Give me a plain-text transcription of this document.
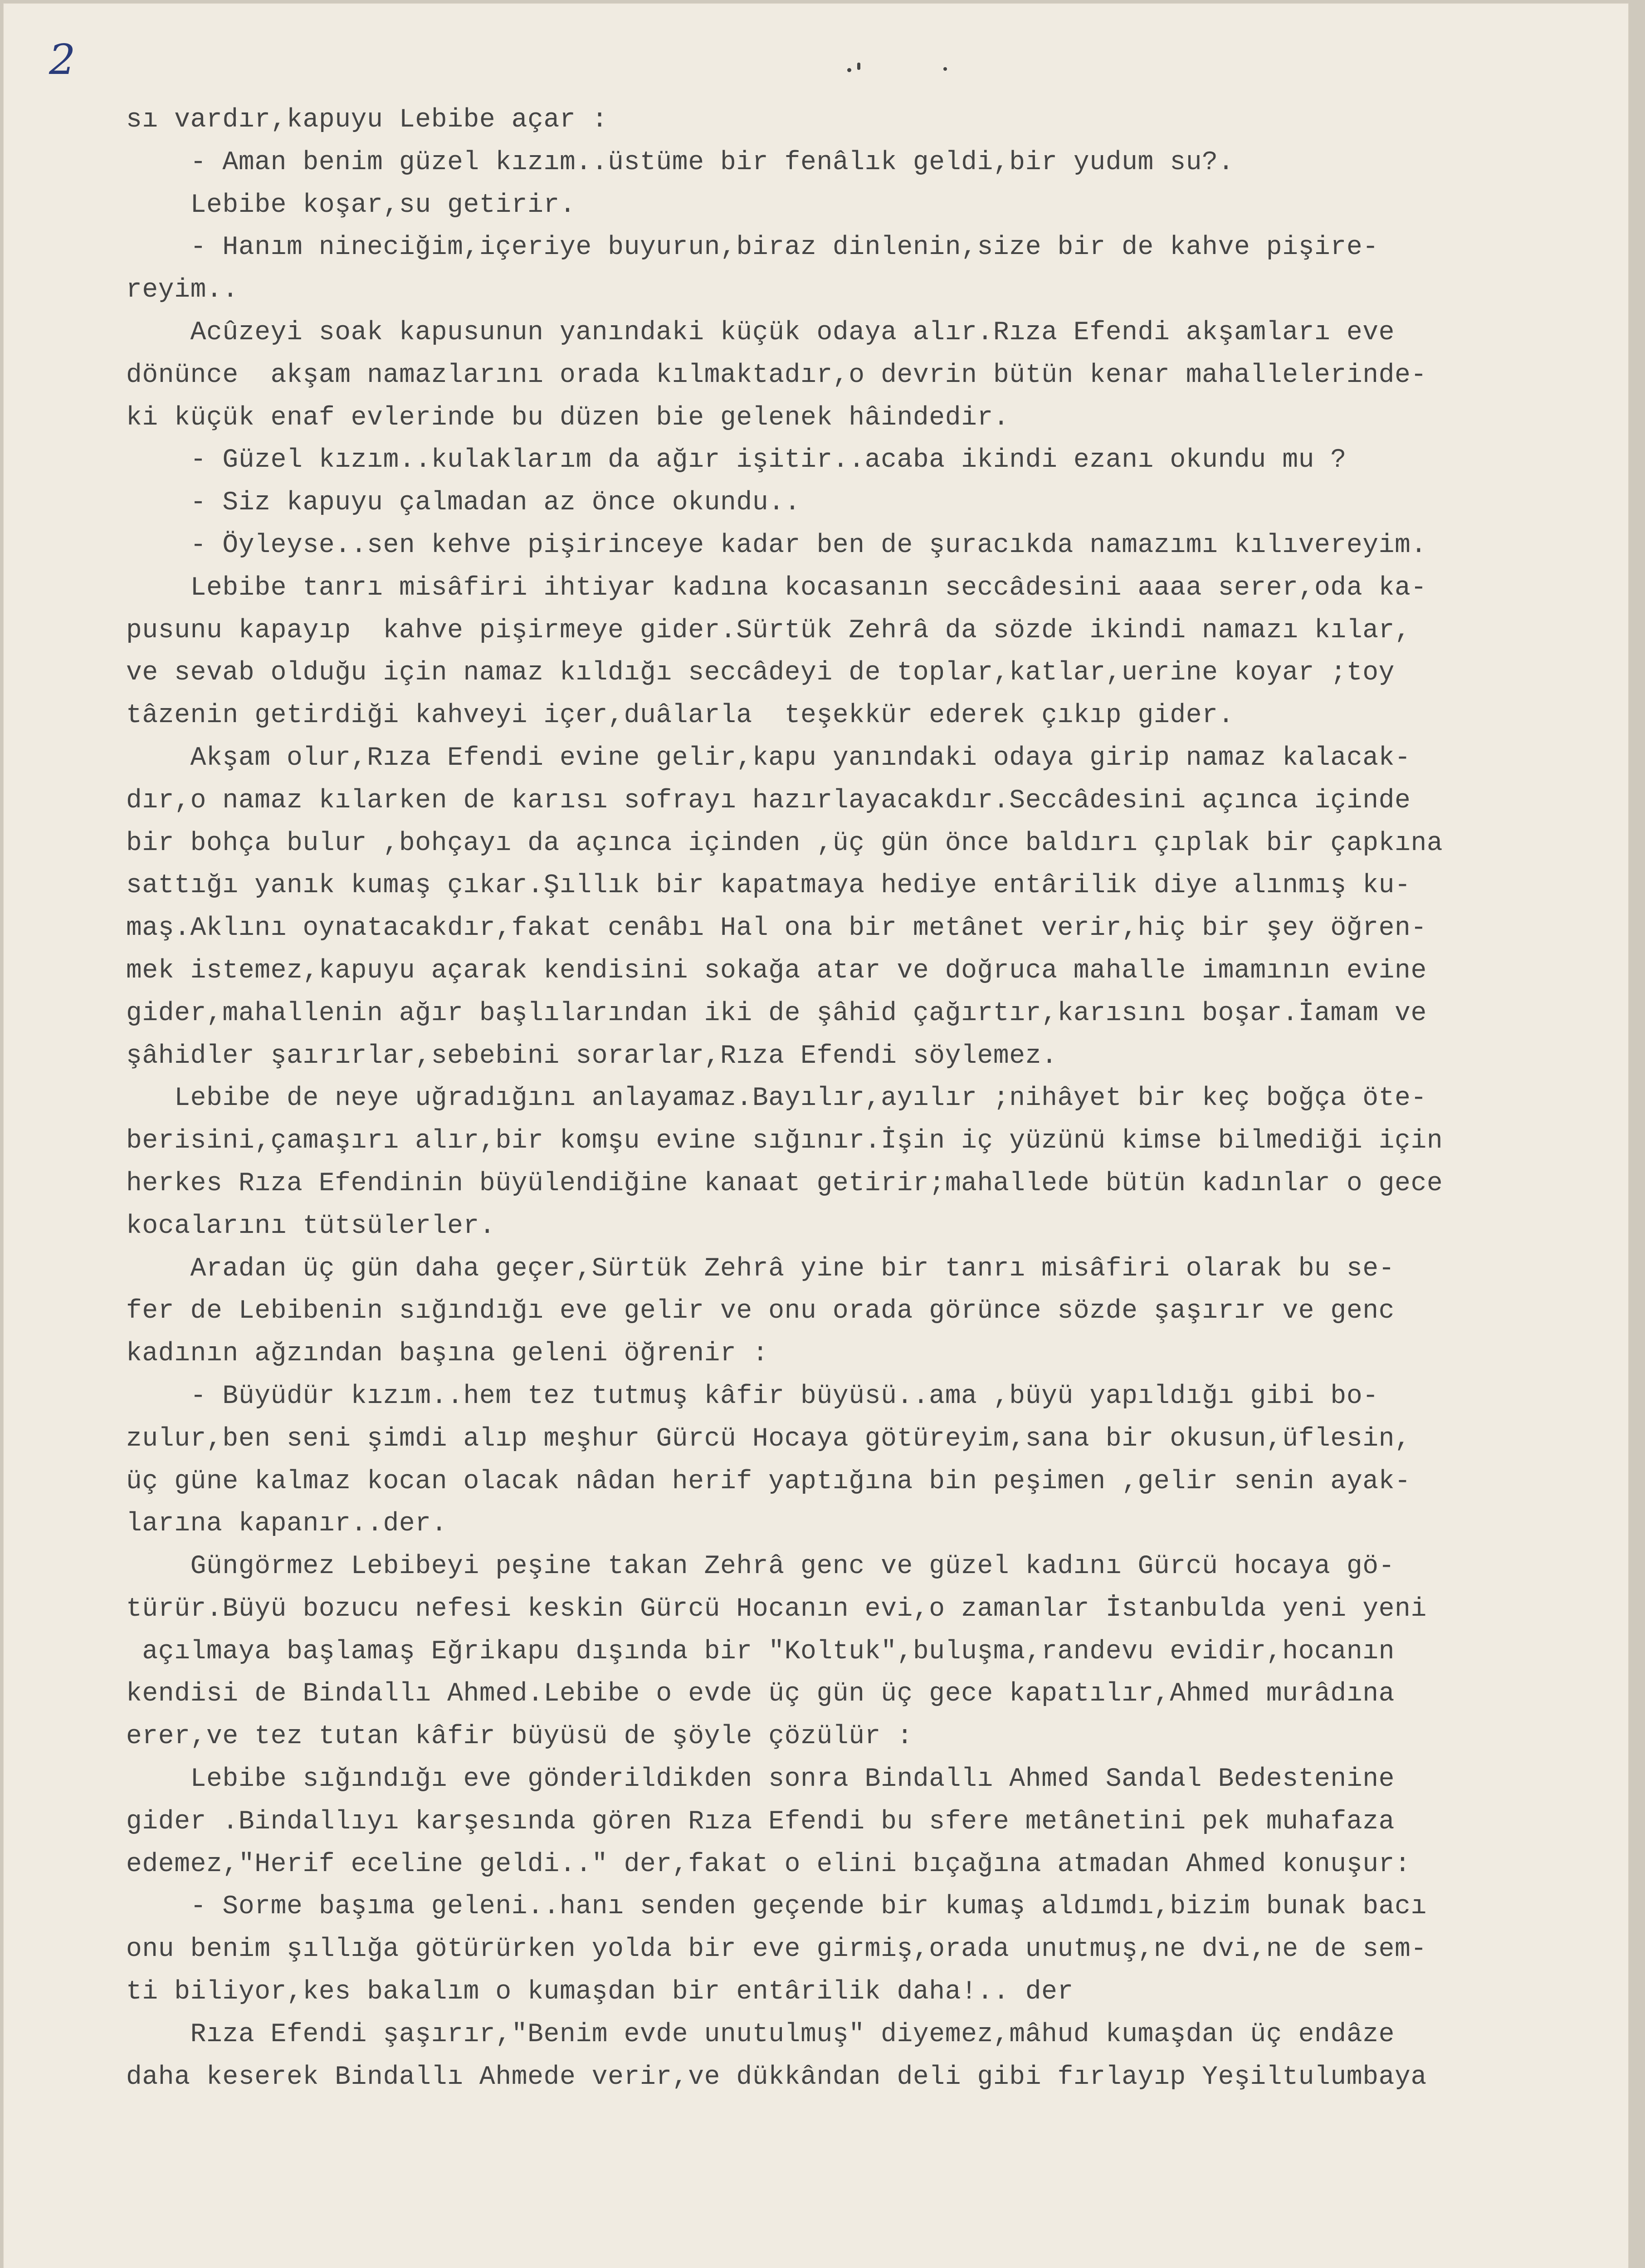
2
sı vardır,kapuyu Lebibe açar :
- Aman benim güzel kızım..üstüme bir fenâlık geldi,bir yudum su?.
Lebibe koşar,su getirir.
- Hanım nineciğim,içeriye buyurun,biraz dinlenin,size bir de kahve pişire-
reyim..
Acûzeyi soak kapusunun yanındaki küçük odaya alır.Rıza Efendi akşamları eve
dönünce  akşam namazlarını orada kılmaktadır,o devrin bütün kenar mahallelerinde-
ki küçük enaf evlerinde bu düzen bie gelenek hâindedir.
- Güzel kızım..kulaklarım da ağır işitir..acaba ikindi ezanı okundu mu ?
- Siz kapuyu çalmadan az önce okundu..
- Öyleyse..sen kehve pişirinceye kadar ben de şuracıkda namazımı kılıvereyim.
Lebibe tanrı misâfiri ihtiyar kadına kocasanın seccâdesini aaaa serer,oda ka-
pusunu kapayıp  kahve pişirmeye gider.Sürtük Zehrâ da sözde ikindi namazı kılar,
ve sevab olduğu için namaz kıldığı seccâdeyi de toplar,katlar,uerine koyar ;toy
tâzenin getirdiği kahveyi içer,duâlarla  teşekkür ederek çıkıp gider.
Akşam olur,Rıza Efendi evine gelir,kapu yanındaki odaya girip namaz kalacak-
dır,o namaz kılarken de karısı sofrayı hazırlayacakdır.Seccâdesini açınca içinde
bir bohça bulur ,bohçayı da açınca içinden ,üç gün önce baldırı çıplak bir çapkına
sattığı yanık kumaş çıkar.Şıllık bir kapatmaya hediye entârilik diye alınmış ku-
maş.Aklını oynatacakdır,fakat cenâbı Hal ona bir metânet verir,hiç bir şey öğren-
mek istemez,kapuyu açarak kendisini sokağa atar ve doğruca mahalle imamının evine
gider,mahallenin ağır başlılarından iki de şâhid çağırtır,karısını boşar.İamam ve
şâhidler şaırırlar,sebebini sorarlar,Rıza Efendi söylemez.
Lebibe de neye uğradığını anlayamaz.Bayılır,ayılır ;nihâyet bir keç boğça öte-
berisini,çamaşırı alır,bir komşu evine sığınır.İşin iç yüzünü kimse bilmediği için
herkes Rıza Efendinin büyülendiğine kanaat getirir;mahallede bütün kadınlar o gece
kocalarını tütsülerler.
Aradan üç gün daha geçer,Sürtük Zehrâ yine bir tanrı misâfiri olarak bu se-
fer de Lebibenin sığındığı eve gelir ve onu orada görünce sözde şaşırır ve genc
kadının ağzından başına geleni öğrenir :
- Büyüdür kızım..hem tez tutmuş kâfir büyüsü..ama ,büyü yapıldığı gibi bo-
zulur,ben seni şimdi alıp meşhur Gürcü Hocaya götüreyim,sana bir okusun,üflesin,
üç güne kalmaz kocan olacak nâdan herif yaptığına bin peşimen ,gelir senin ayak-
larına kapanır..der.
Güngörmez Lebibeyi peşine takan Zehrâ genc ve güzel kadını Gürcü hocaya gö-
türür.Büyü bozucu nefesi keskin Gürcü Hocanın evi,o zamanlar İstanbulda yeni yeni
açılmaya başlamaş Eğrikapu dışında bir "Koltuk",buluşma,randevu evidir,hocanın
kendisi de Bindallı Ahmed.Lebibe o evde üç gün üç gece kapatılır,Ahmed murâdına
erer,ve tez tutan kâfir büyüsü de şöyle çözülür :
Lebibe sığındığı eve gönderildikden sonra Bindallı Ahmed Sandal Bedestenine
gider .Bindallıyı karşesında gören Rıza Efendi bu sfere metânetini pek muhafaza
edemez,"Herif eceline geldi.." der,fakat o elini bıçağına atmadan Ahmed konuşur:
- Sorme başıma geleni..hanı senden geçende bir kumaş aldımdı,bizim bunak bacı
onu benim şıllığa götürürken yolda bir eve girmiş,orada unutmuş,ne dvi,ne de sem-
ti biliyor,kes bakalım o kumaşdan bir entârilik daha!.. der
Rıza Efendi şaşırır,"Benim evde unutulmuş" diyemez,mâhud kumaşdan üç endâze
daha keserek Bindallı Ahmede verir,ve dükkândan deli gibi fırlayıp Yeşiltulumbaya
